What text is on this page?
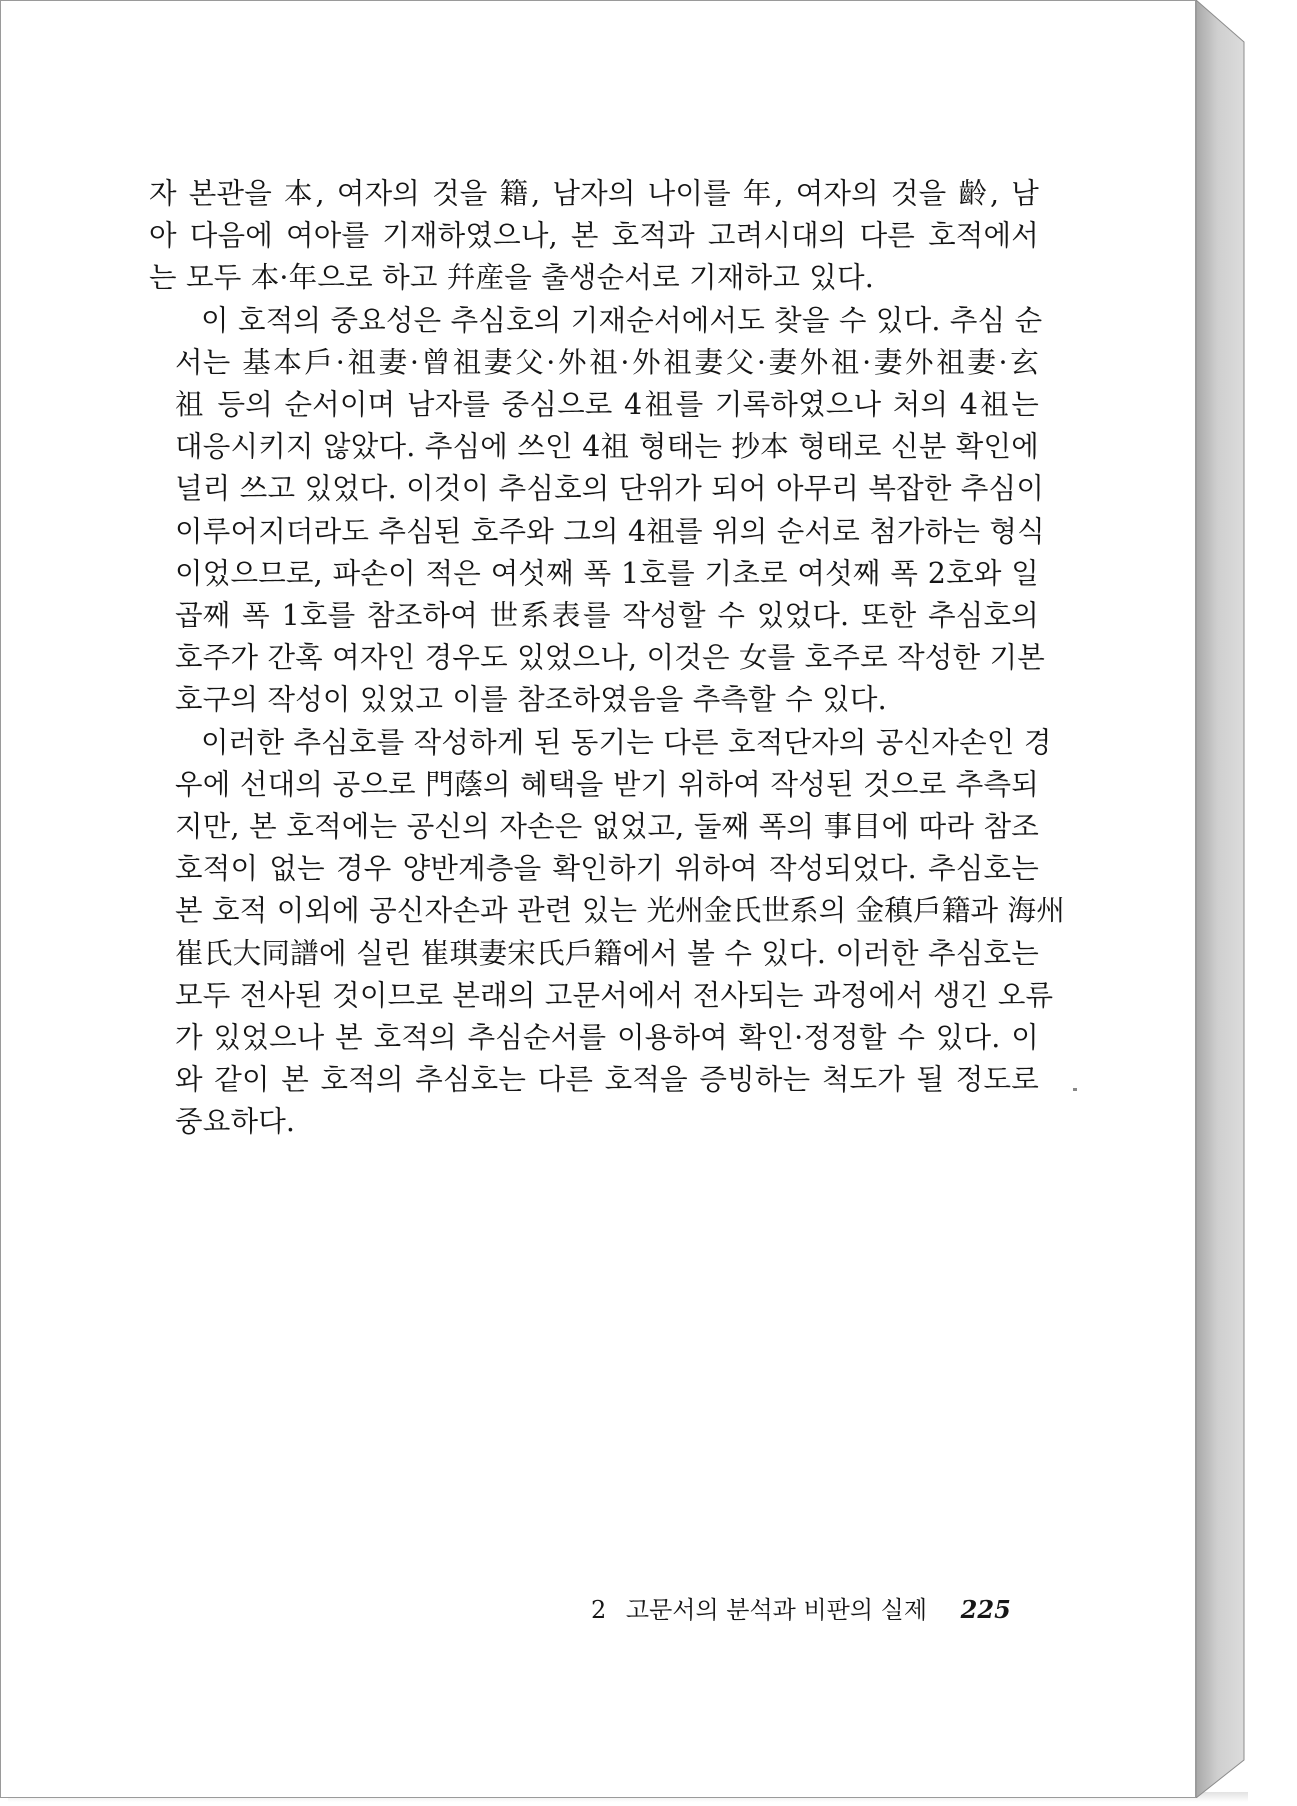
자 본관을 本, 여자의 것을 籍, 남자의 나이를 年, 여자의 것을 齡, 남
아 다음에 여아를 기재하였으나, 본 호적과 고려시대의 다른 호적에서
는 모두 本·年으로 하고 幷産을 출생순서로 기재하고 있다.
이 호적의 중요성은 추심호의 기재순서에서도 찾을 수 있다. 추심 순
서는 基本戶·祖妻·曾祖妻父·外祖·外祖妻父·妻外祖·妻外祖妻·玄
祖 등의 순서이며 남자를 중심으로 4祖를 기록하였으나 처의 4祖는
대응시키지 않았다. 추심에 쓰인 4祖 형태는 抄本 형태로 신분 확인에
널리 쓰고 있었다. 이것이 추심호의 단위가 되어 아무리 복잡한 추심이
이루어지더라도 추심된 호주와 그의 4祖를 위의 순서로 첨가하는 형식
이었으므로, 파손이 적은 여섯째 폭 1호를 기초로 여섯째 폭 2호와 일
곱째 폭 1호를 참조하여 世系表를 작성할 수 있었다. 또한 추심호의
호주가 간혹 여자인 경우도 있었으나, 이것은 女를 호주로 작성한 기본
호구의 작성이 있었고 이를 참조하였음을 추측할 수 있다.
이러한 추심호를 작성하게 된 동기는 다른 호적단자의 공신자손인 경
우에 선대의 공으로 門蔭의 혜택을 받기 위하여 작성된 것으로 추측되
지만, 본 호적에는 공신의 자손은 없었고, 둘째 폭의 事目에 따라 참조
호적이 없는 경우 양반계층을 확인하기 위하여 작성되었다. 추심호는
본 호적 이외에 공신자손과 관련 있는 光州金氏世系의 金稹戶籍과 海州
崔氏大同譜에 실린 崔琪妻宋氏戶籍에서 볼 수 있다. 이러한 추심호는
모두 전사된 것이므로 본래의 고문서에서 전사되는 과정에서 생긴 오류
가 있었으나 본 호적의 추심순서를 이용하여 확인·정정할 수 있다. 이
와 같이 본 호적의 추심호는 다른 호적을 증빙하는 척도가 될 정도로
중요하다.
2 고문서의 분석과 비판의 실제 225
